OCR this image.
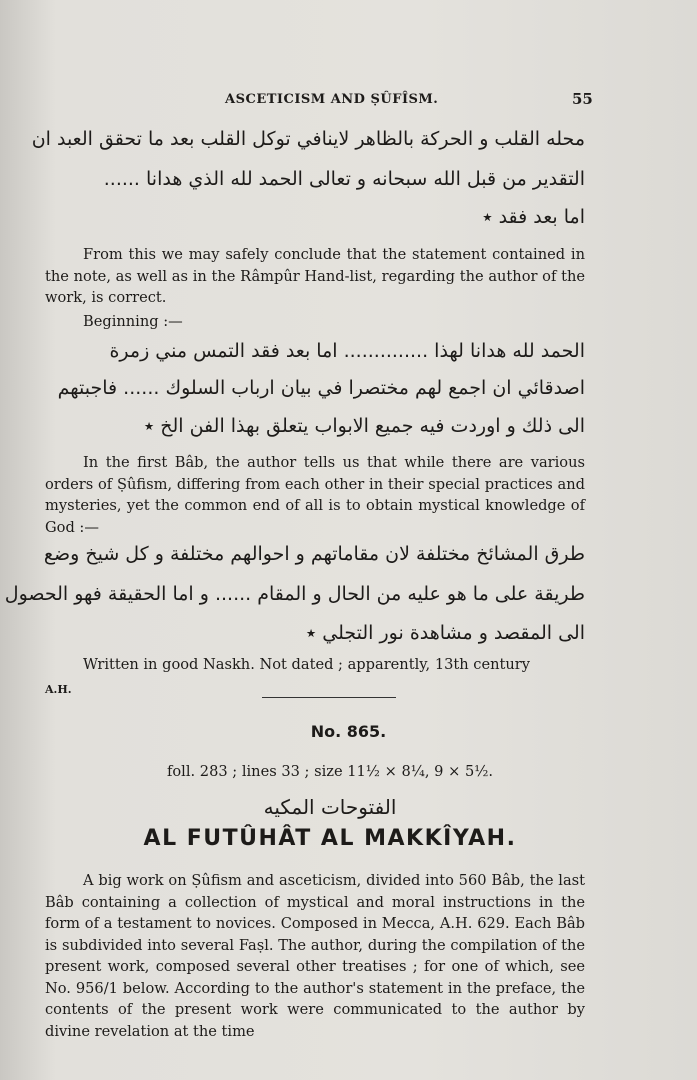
ASCETICISM AND ṢÛFÎSM.	55
محله القلب و الحركة بالظاهر لاينافي توكل القلب بعد ما تحقق العبد ان
التقدير من قبل الله سبحانه و تعالى الحمد لله الذي هدانا ......
اما بعد فقد ٭
From this we may safely conclude that the statement contained in the note, as well as in the Râmpûr Hand-list, regarding the author of the work, is correct.
Beginning :—
الحمد لله هدانا لهذا .............. اما بعد فقد التمس مني زمرة
اصدقائي ان اجمع لهم مختصرا في بيان ارباب السلوك ...... فاجبتهم
الى ذلك و اوردت فيه جميع الابواب يتعلق بهذا الفن الخ ٭
In the first Bâb, the author tells us that while there are various orders of Ṣûfism, differing from each other in their special practices and mysteries, yet the common end of all is to obtain mystical knowledge of God :—
طرق المشائخ مختلفة لان مقاماتهم و احوالهم مختلفة و كل شيخ وضع
طريقة على ما هو عليه من الحال و المقام ...... و اما الحقيقة فهو الحصول
الى المقصد و مشاهدة نور التجلي ٭
Written in good Naskh. Not dated ; apparently, 13th century
A.H.
No. 865.
foll. 283 ; lines 33 ; size 11½ × 8¼, 9 × 5½.
الفتوحات المكيه
AL FUTÛHÂT AL MAKKÎYAH.
A big work on Ṣûfism and asceticism, divided into 560 Bâb, the last Bâb containing a collection of mystical and moral instructions in the form of a testament to novices. Composed in Mecca, A.H. 629. Each Bâb is subdivided into several Faṣl. The author, during the compilation of the present work, composed several other treatises ; for one of which, see No. 956/1 below. According to the author's statement in the preface, the contents of the present work were communicated to the author by divine revelation at the time
